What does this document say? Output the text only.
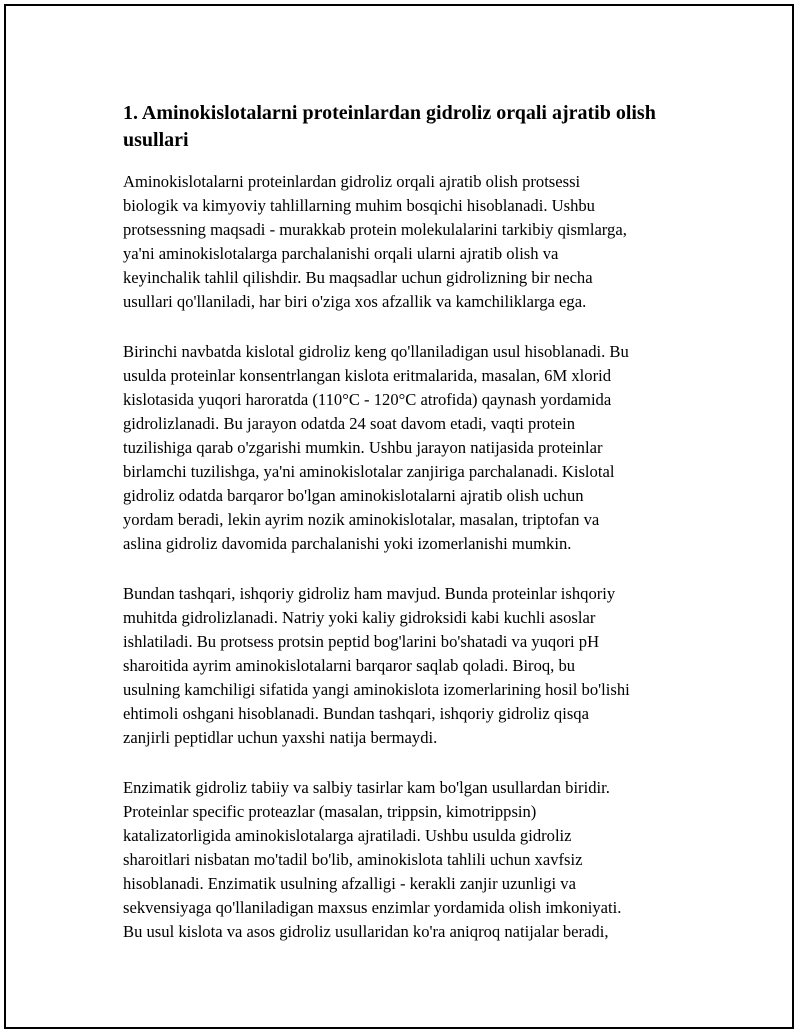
1. Aminokislotalarni proteinlardan gidroliz orqali ajratib olish usullari

Aminokislotalarni proteinlardan gidroliz orqali ajratib olish protsessi
biologik va kimyoviy tahlillarning muhim bosqichi hisoblanadi. Ushbu
protsessning maqsadi - murakkab protein molekulalarini tarkibiy qismlarga,
ya'ni aminokislotalarga parchalanishi orqali ularni ajratib olish va
keyinchalik tahlil qilishdir. Bu maqsadlar uchun gidrolizning bir necha
usullari qo'llaniladi, har biri o'ziga xos afzallik va kamchiliklarga ega.

Birinchi navbatda kislotal gidroliz keng qo'llaniladigan usul hisoblanadi. Bu
usulda proteinlar konsentrlangan kislota eritmalarida, masalan, 6M xlorid
kislotasida yuqori haroratda (110°C - 120°C atrofida) qaynash yordamida
gidrolizlanadi. Bu jarayon odatda 24 soat davom etadi, vaqti protein
tuzilishiga qarab o'zgarishi mumkin. Ushbu jarayon natijasida proteinlar
birlamchi tuzilishga, ya'ni aminokislotalar zanjiriga parchalanadi. Kislotal
gidroliz odatda barqaror bo'lgan aminokislotalarni ajratib olish uchun
yordam beradi, lekin ayrim nozik aminokislotalar, masalan, triptofan va
aslina gidroliz davomida parchalanishi yoki izomerlanishi mumkin.

Bundan tashqari, ishqoriy gidroliz ham mavjud. Bunda proteinlar ishqoriy
muhitda gidrolizlanadi. Natriy yoki kaliy gidroksidi kabi kuchli asoslar
ishlatiladi. Bu protsess protsin peptid bog'larini bo'shatadi va yuqori pH
sharoitida ayrim aminokislotalarni barqaror saqlab qoladi. Biroq, bu
usulning kamchiligi sifatida yangi aminokislota izomerlarining hosil bo'lishi
ehtimoli oshgani hisoblanadi. Bundan tashqari, ishqoriy gidroliz qisqa
zanjirli peptidlar uchun yaxshi natija bermaydi.

Enzimatik gidroliz tabiiy va salbiy tasirlar kam bo'lgan usullardan biridir.
Proteinlar specific proteazlar (masalan, trippsin, kimotrippsin)
katalizatorligida aminokislotalarga ajratiladi. Ushbu usulda gidroliz
sharoitlari nisbatan mo'tadil bo'lib, aminokislota tahlili uchun xavfsiz
hisoblanadi. Enzimatik usulning afzalligi - kerakli zanjir uzunligi va
sekvensiyaga qo'llaniladigan maxsus enzimlar yordamida olish imkoniyati.
Bu usul kislota va asos gidroliz usullaridan ko'ra aniqroq natijalar beradi,
